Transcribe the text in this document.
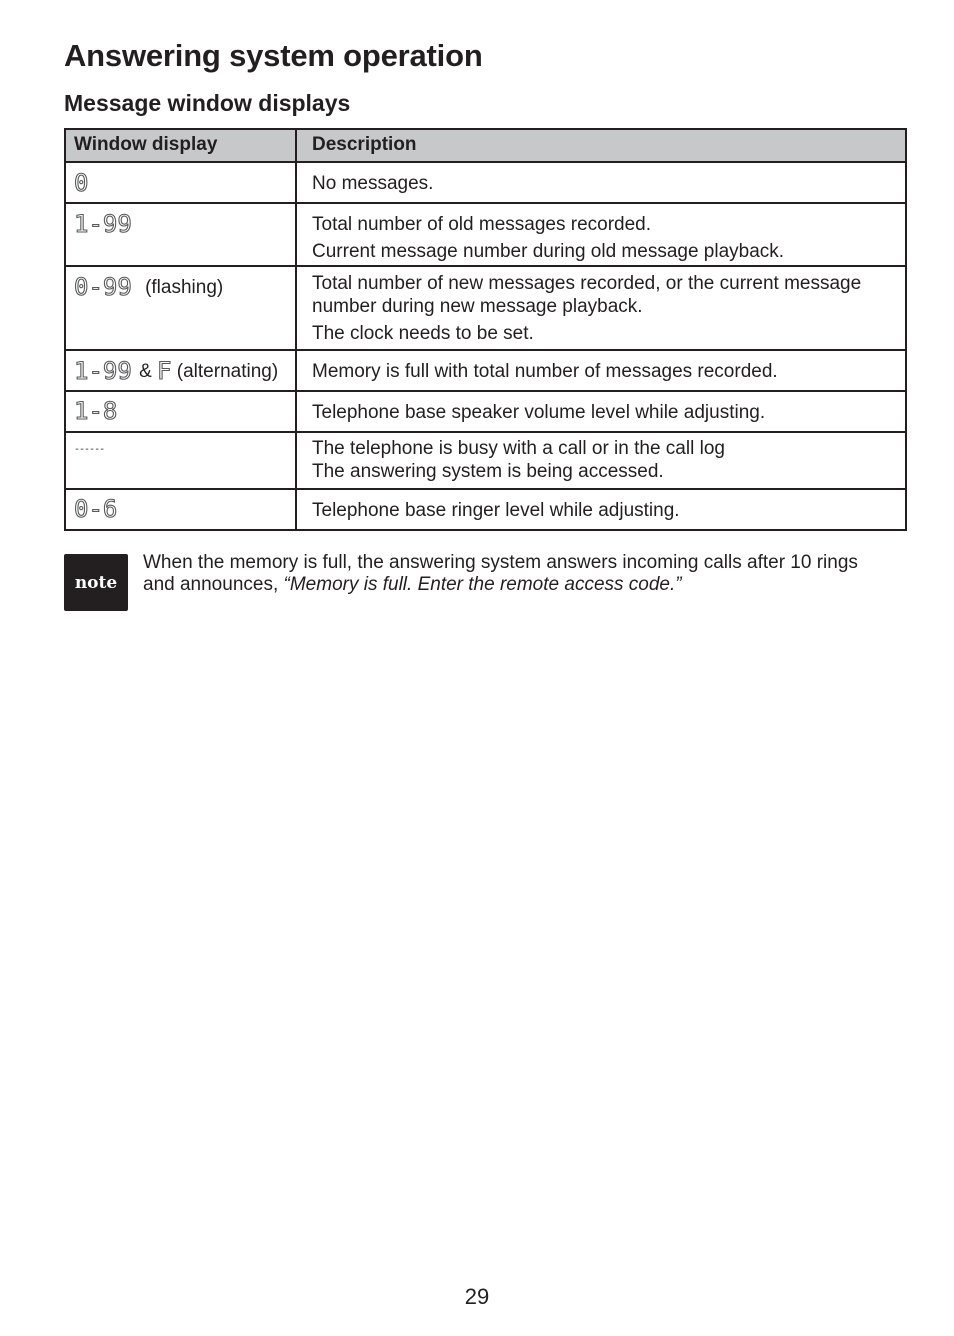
Answering system operation
Message window displays
Window display	Description
0	No messages.

1-99	Total number of old messages recorded.
Current message number during old message playback.

0-99 (flashing)	Total number of new messages recorded, or the current message number during new message playback.
The clock needs to be set.

1-99 & F (alternating)	Memory is full with total number of messages recorded.

1-8	Telephone base speaker volume level while adjusting.

------	The telephone is busy with a call or in the call log
The answering system is being accessed.

0-6	Telephone base ringer level while adjusting.
note

When the memory is full, the answering system answers incoming calls after 10 rings and announces, “Memory is full. Enter the remote access code.”

29
